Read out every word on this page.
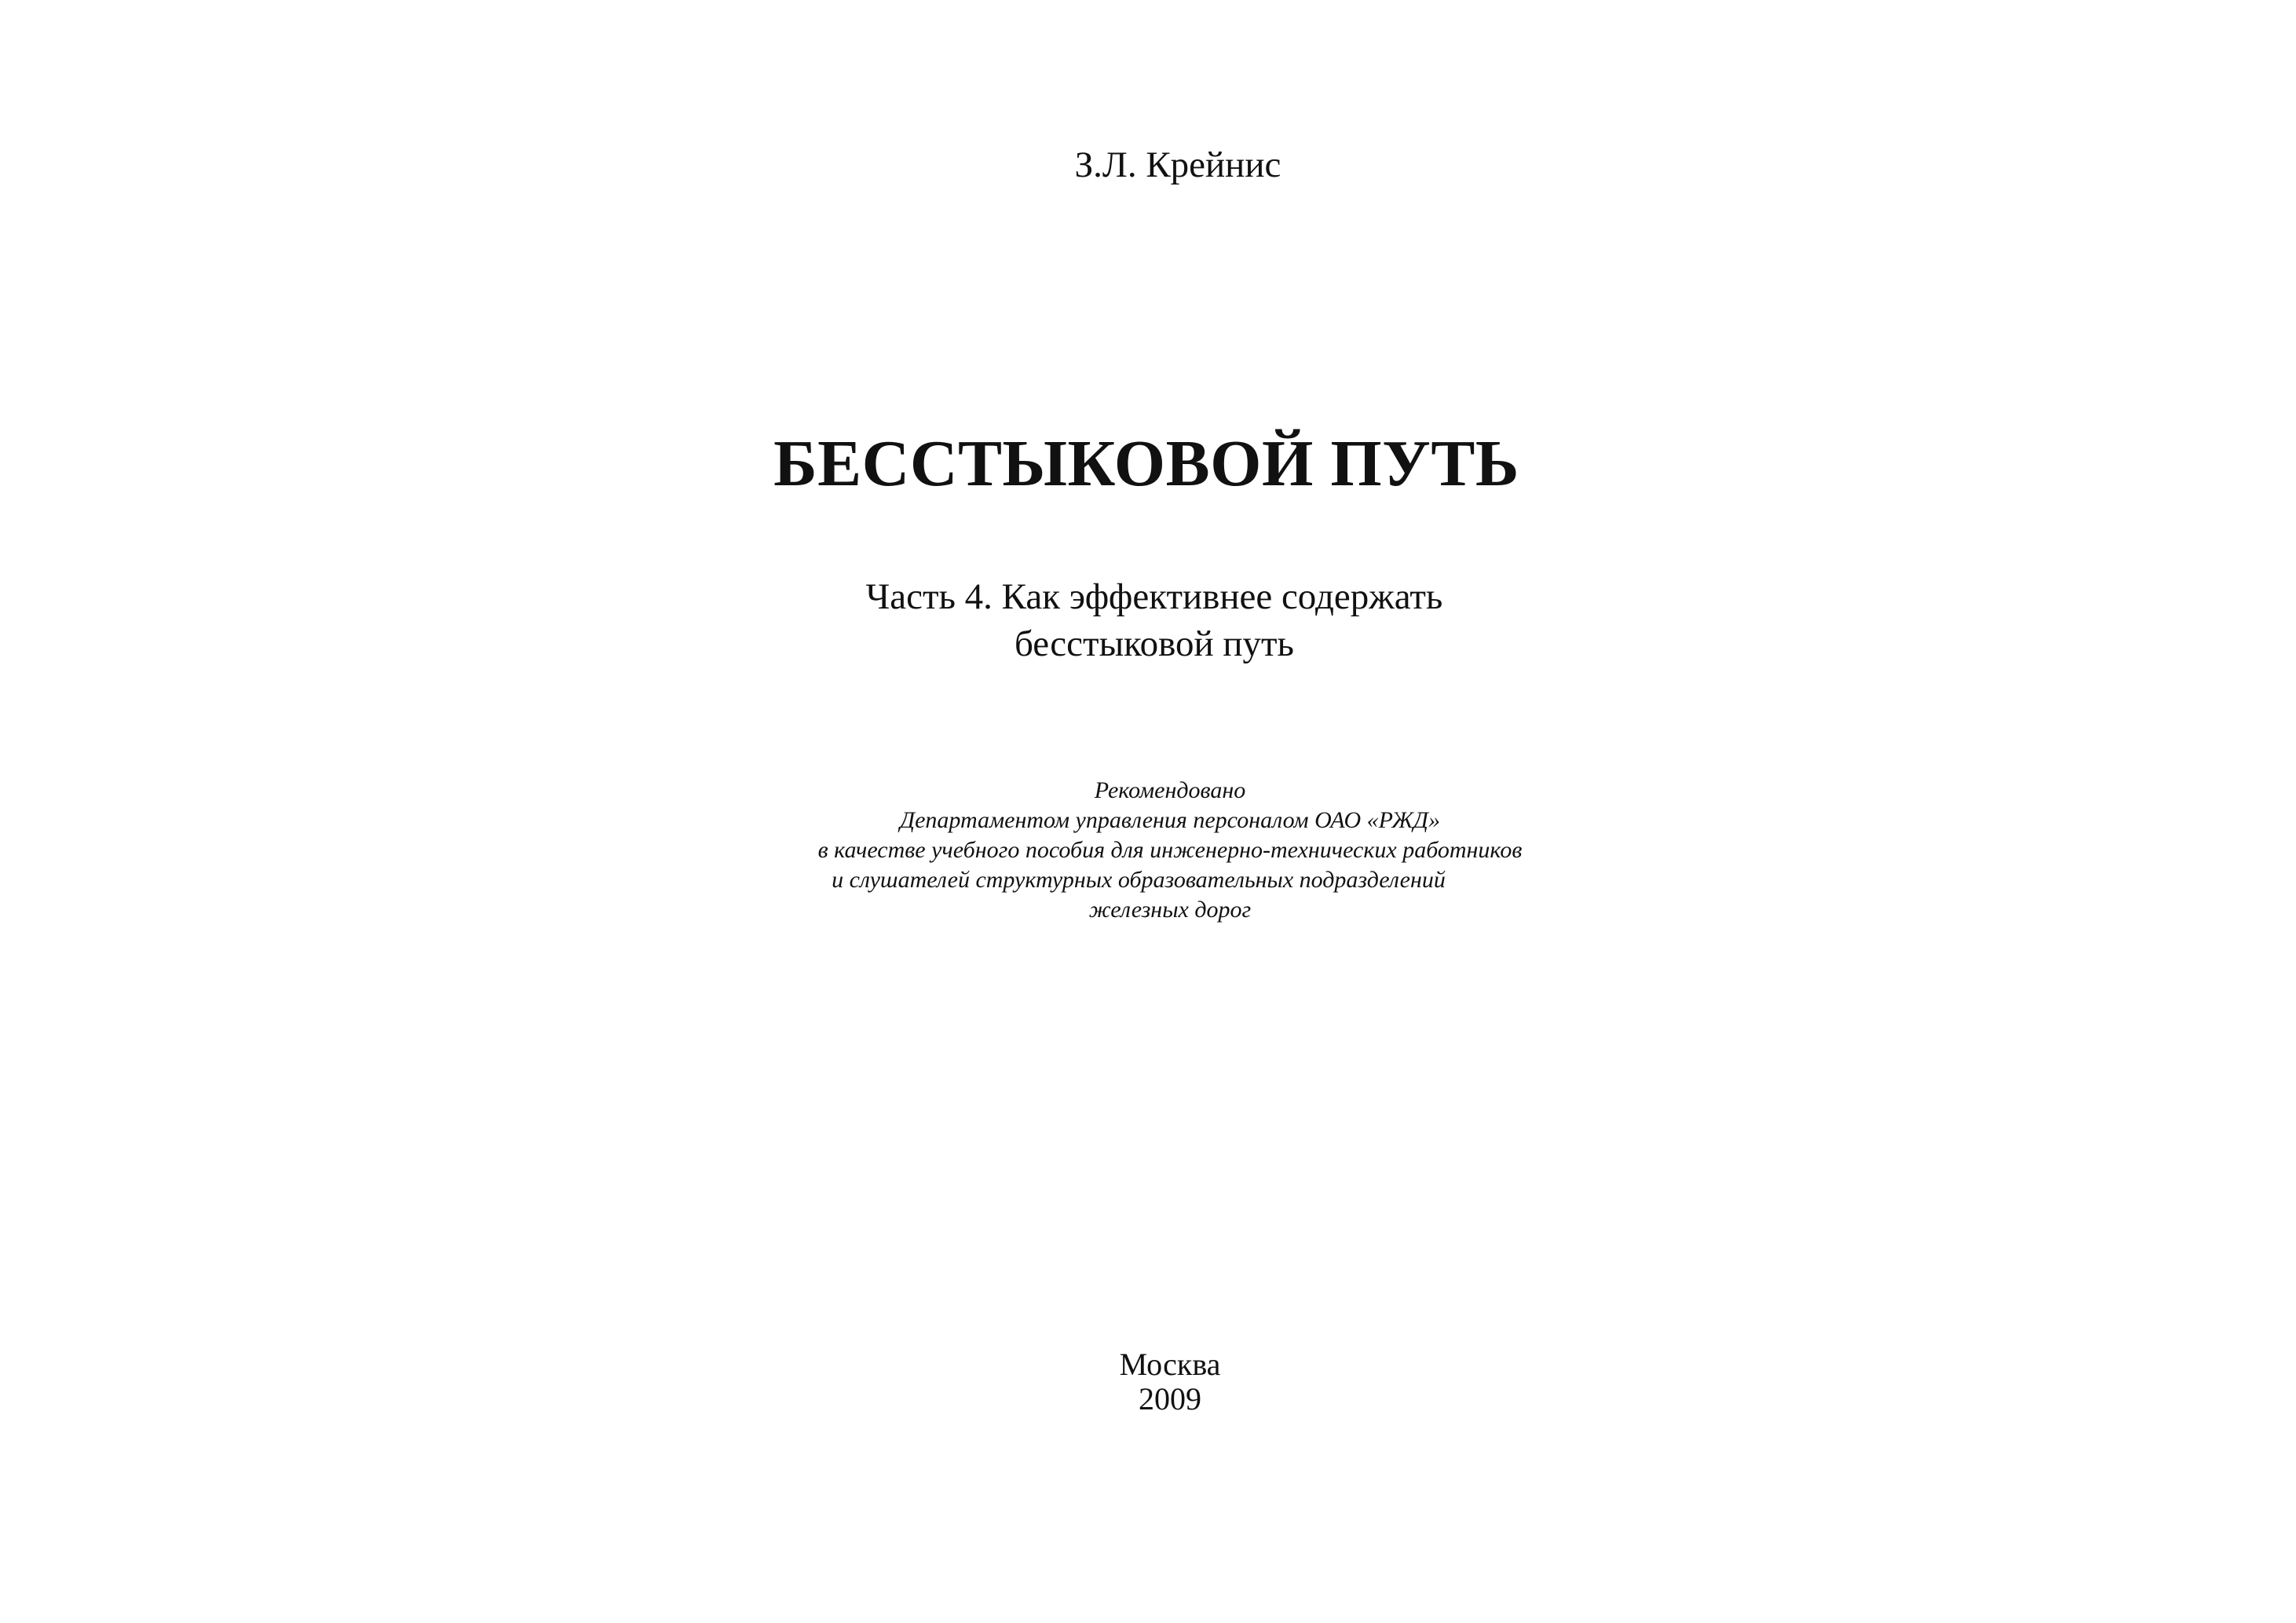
З.Л. Крейнис

БЕССТЫКОВОЙ ПУТЬ

Часть 4. Как эффективнее содержать
бесстыковой путь

Рекомендовано
Департаментом управления персоналом ОАО «РЖД»
в качестве учебного пособия для инженерно-технических работников
и слушателей структурных образовательных подразделений
железных дорог

Москва
2009
